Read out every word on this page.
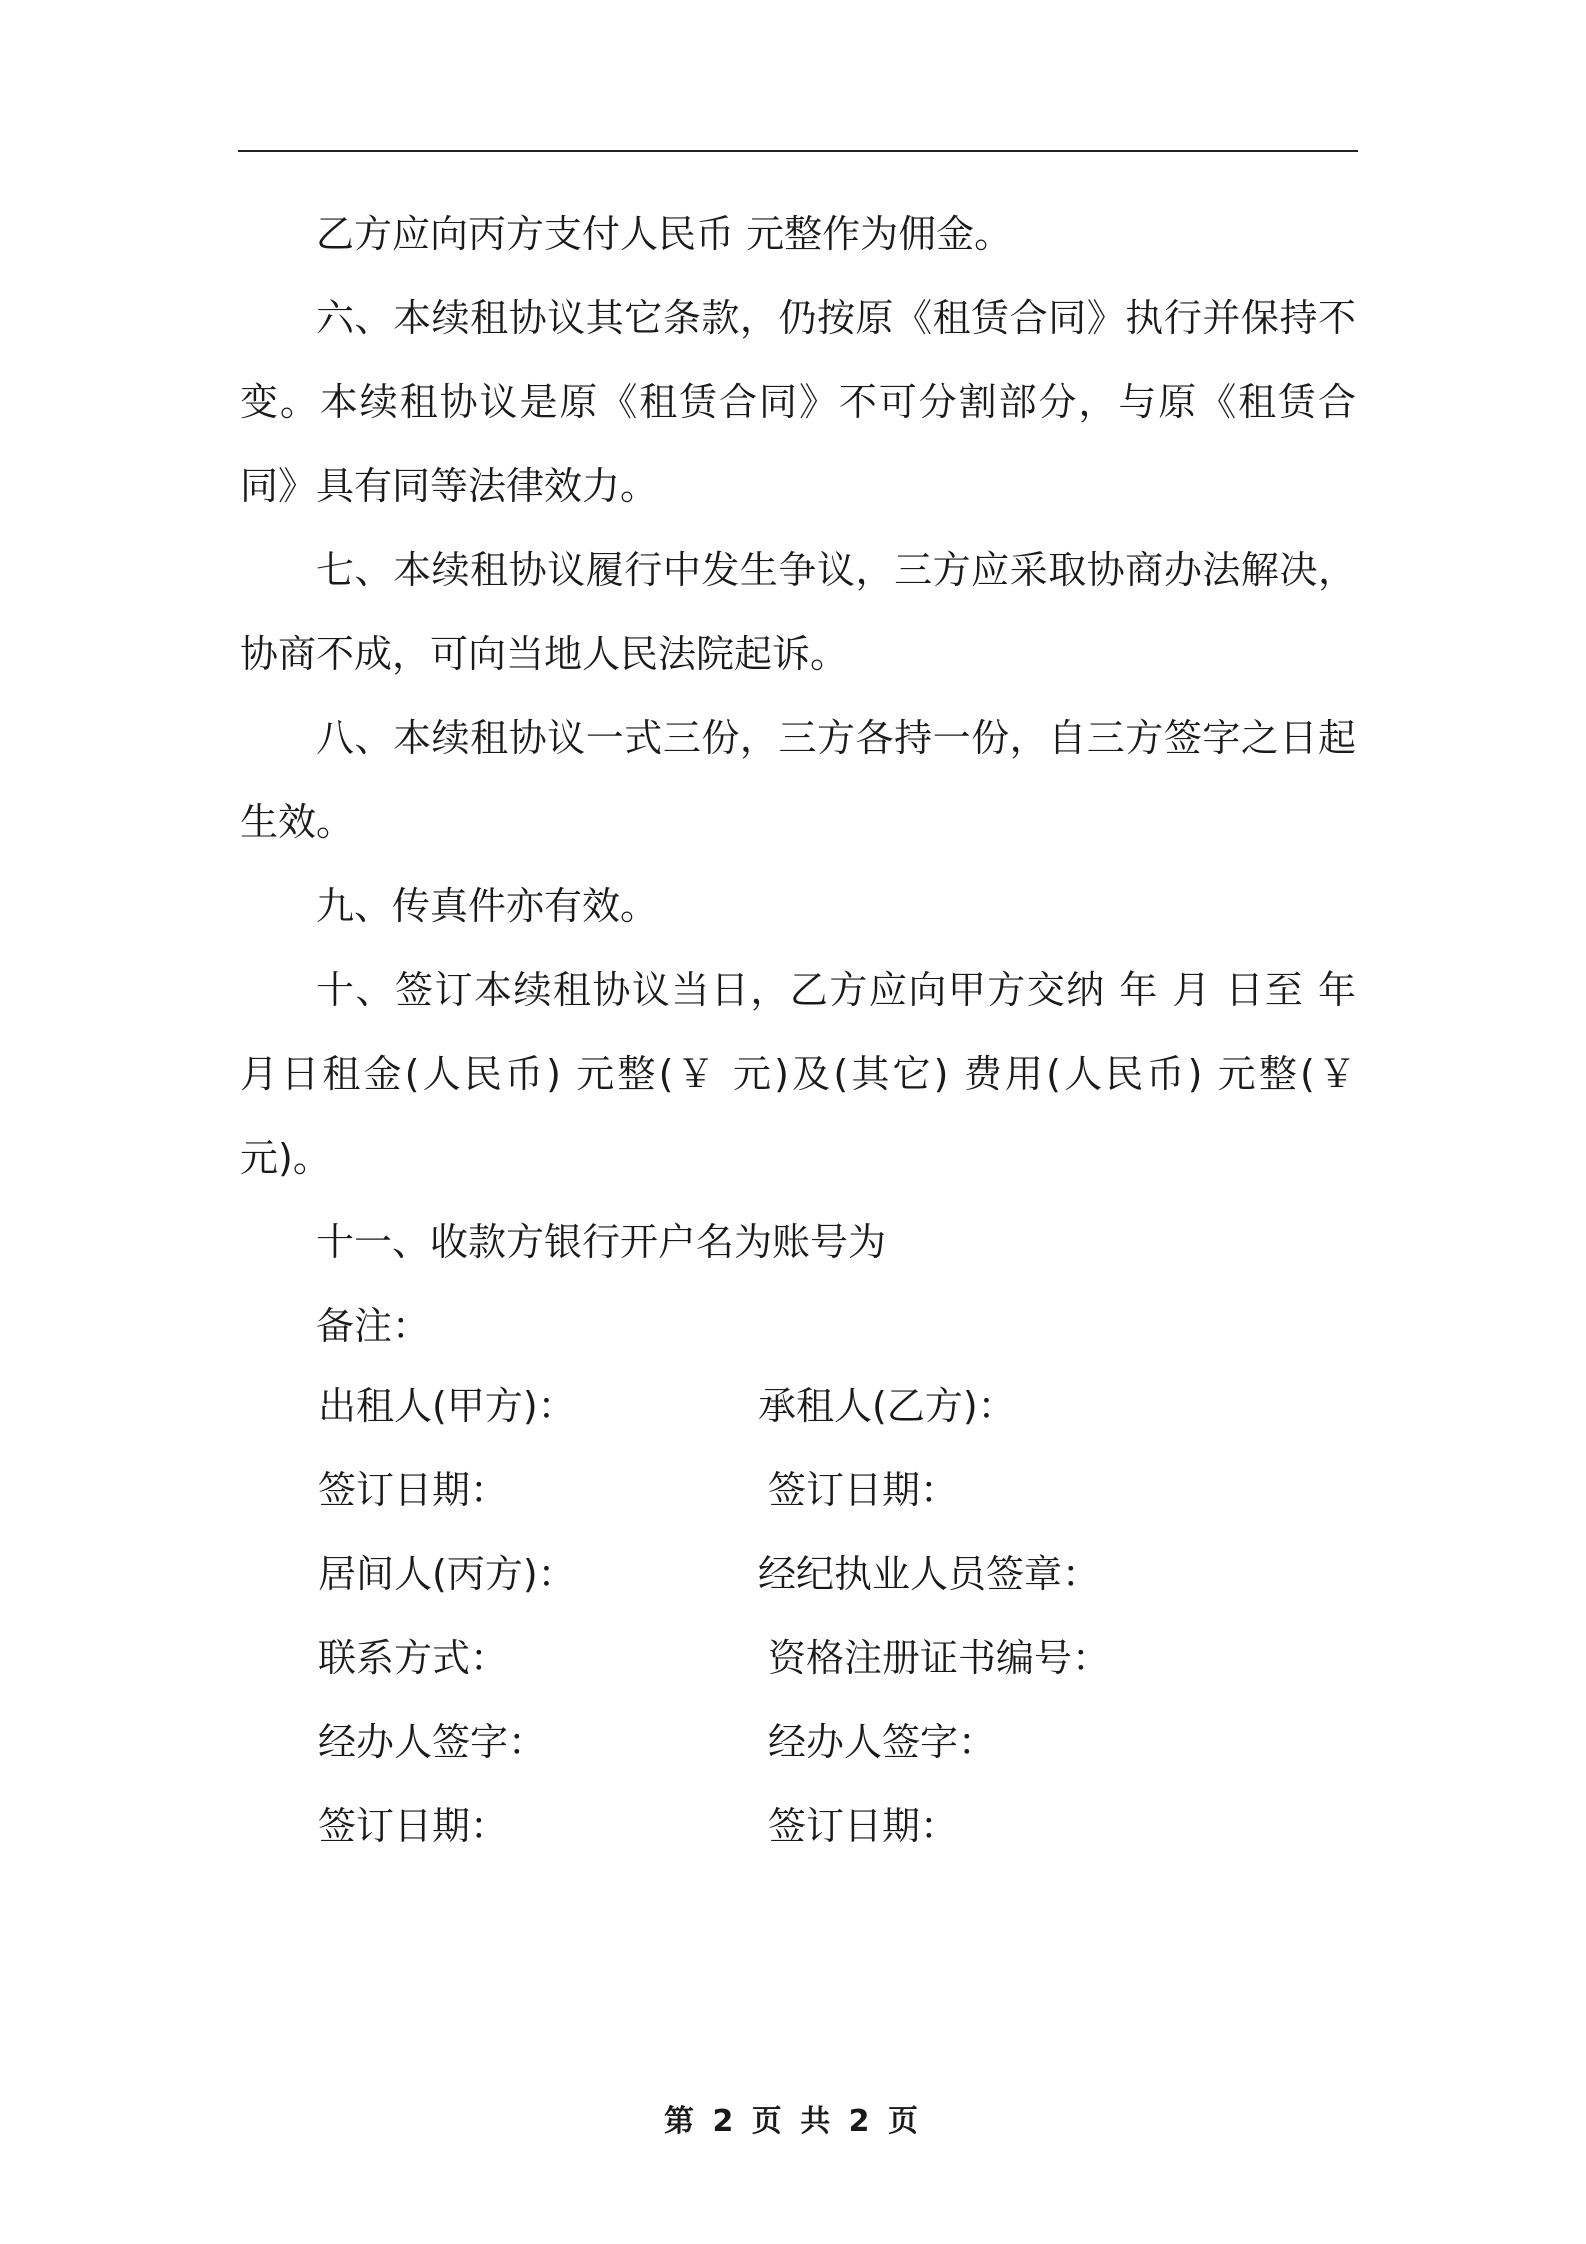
乙方应向丙方支付人民币 元整作为佣金。

六、本续租协议其它条款，仍按原《租赁合同》执行并保持不变。本续租协议是原《租赁合同》不可分割部分，与原《租赁合同》具有同等法律效力。

七、本续租协议履行中发生争议，三方应采取协商办法解决，协商不成，可向当地人民法院起诉。

八、本续租协议一式三份，三方各持一份，自三方签字之日起生效。

九、传真件亦有效。

十、签订本续租协议当日，乙方应向甲方交纳 年 月 日至 年 月日租金(人民币) 元整(￥ 元)及(其它) 费用(人民币) 元整(￥ 元)。

十一、收款方银行开户名为账号为

备注：

出租人(甲方)：	承租人(乙方)：
签订日期：	签订日期：
居间人(丙方)：	经纪执业人员签章：
联系方式：	资格注册证书编号：
经办人签字：	经办人签字：
签订日期：	签订日期：
第 2 页 共 2 页
